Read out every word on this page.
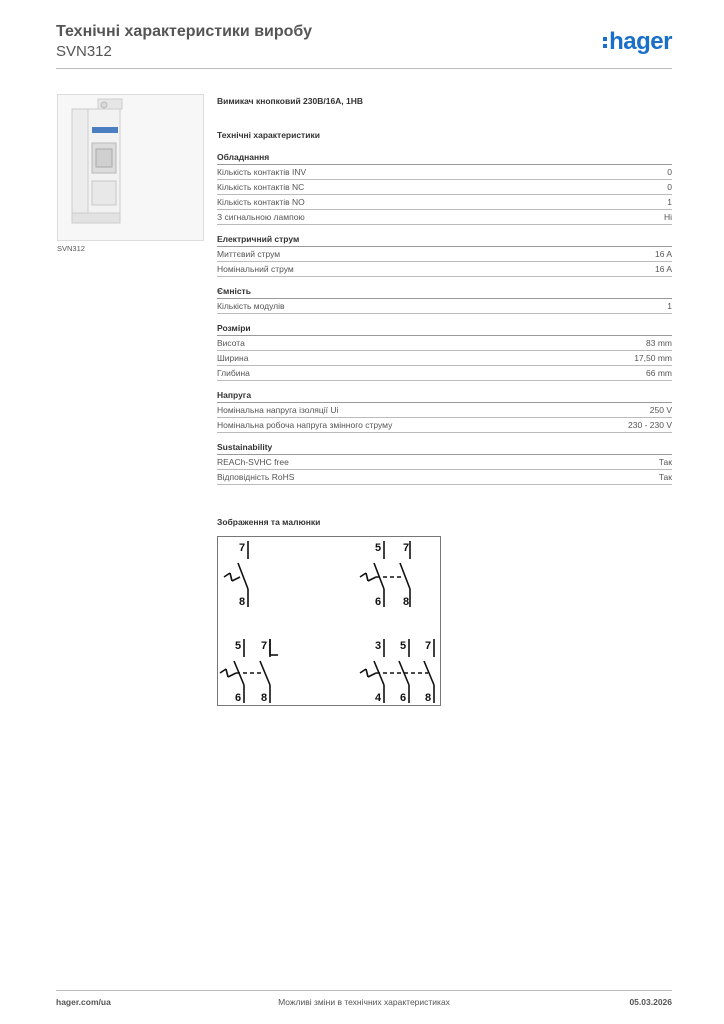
Технічні характеристики виробу
SVN312	hager
SVN312
Вимикач кнопковий 230В/16А, 1НВ
Технічні характеристики
Обладнання
Кількість контактів INV	0
Кількість контактів NC	0
Кількість контактів NO	1
З сигнальною лампою	Ні
Електричний струм
Миттєвий струм	16 A
Номінальний струм	16 A
Ємність
Кількість модулів	1
Розміри
Висота	83 mm
Ширина	17,50 mm
Глибина	66 mm
Напруга
Номінальна напруга ізоляції Ui	250 V
Номінальна робоча напруга змінного струму	230 - 230 V
Sustainability
REACh-SVHC free	Так
Відповідність RoHS	Так
Зображення та малюнки
7
8
5 7
6 8
5 7
6 8
3 5 7
4 6 8
hager.com/ua	Можливі зміни в технічних характеристиках	05.03.2026
